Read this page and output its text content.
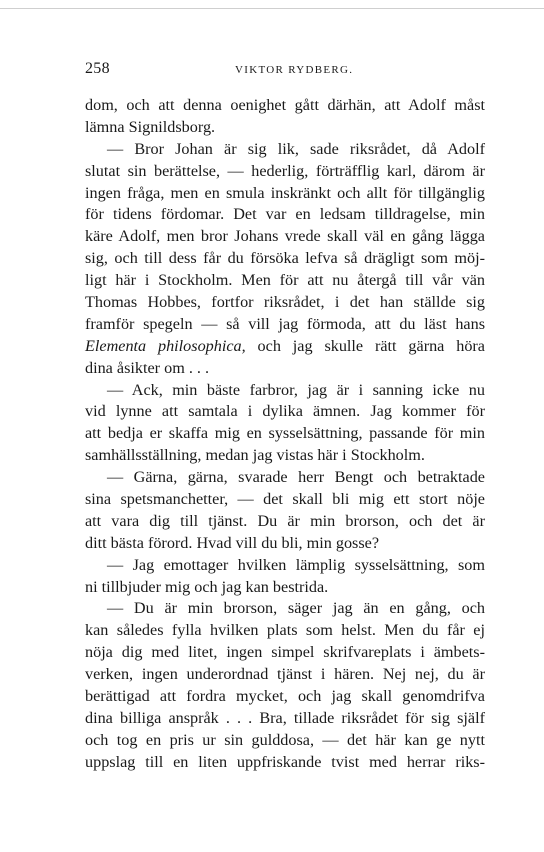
258	VIKTOR RYDBERG.
dom, och att denna oenighet gått därhän, att Adolf måst
lämna Signildsborg.
— Bror Johan är sig lik, sade riksrådet, då Adolf
slutat sin berättelse, — hederlig, förträfflig karl, därom är
ingen fråga, men en smula inskränkt och allt för tillgänglig
för tidens fördomar. Det var en ledsam tilldragelse, min
käre Adolf, men bror Johans vrede skall väl en gång lägga
sig, och till dess får du försöka lefva så drägligt som möj-
ligt här i Stockholm. Men för att nu återgå till vår vän
Thomas Hobbes, fortfor riksrådet, i det han ställde sig
framför spegeln — så vill jag förmoda, att du läst hans
Elementa philosophica, och jag skulle rätt gärna höra
dina åsikter om . . .
— Ack, min bäste farbror, jag är i sanning icke nu
vid lynne att samtala i dylika ämnen. Jag kommer för
att bedja er skaffa mig en sysselsättning, passande för min
samhällsställning, medan jag vistas här i Stockholm.
— Gärna, gärna, svarade herr Bengt och betraktade
sina spetsmanchetter, — det skall bli mig ett stort nöje
att vara dig till tjänst. Du är min brorson, och det är
ditt bästa förord. Hvad vill du bli, min gosse?
— Jag emottager hvilken lämplig sysselsättning, som
ni tillbjuder mig och jag kan bestrida.
— Du är min brorson, säger jag än en gång, och
kan således fylla hvilken plats som helst. Men du får ej
nöja dig med litet, ingen simpel skrifvareplats i ämbets-
verken, ingen underordnad tjänst i hären. Nej nej, du är
berättigad att fordra mycket, och jag skall genomdrifva
dina billiga anspråk . . . Bra, tillade riksrådet för sig själf
och tog en pris ur sin gulddosa, — det här kan ge nytt
uppslag till en liten uppfriskande tvist med herrar riks-
